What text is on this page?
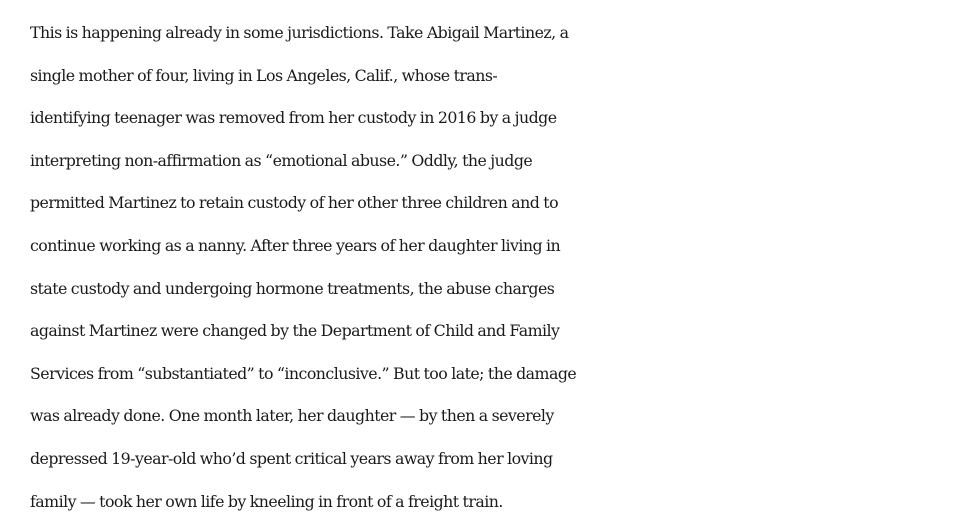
This is happening already in some jurisdictions. Take Abigail Martinez, a
single mother of four, living in Los Angeles, Calif., whose trans-
identifying teenager was removed from her custody in 2016 by a judge
interpreting non-affirmation as “emotional abuse.” Oddly, the judge
permitted Martinez to retain custody of her other three children and to
continue working as a nanny. After three years of her daughter living in
state custody and undergoing hormone treatments, the abuse charges
against Martinez were changed by the Department of Child and Family
Services from “substantiated” to “inconclusive.” But too late; the damage
was already done. One month later, her daughter — by then a severely
depressed 19-year-old who’d spent critical years away from her loving
family — took her own life by kneeling in front of a freight train.
